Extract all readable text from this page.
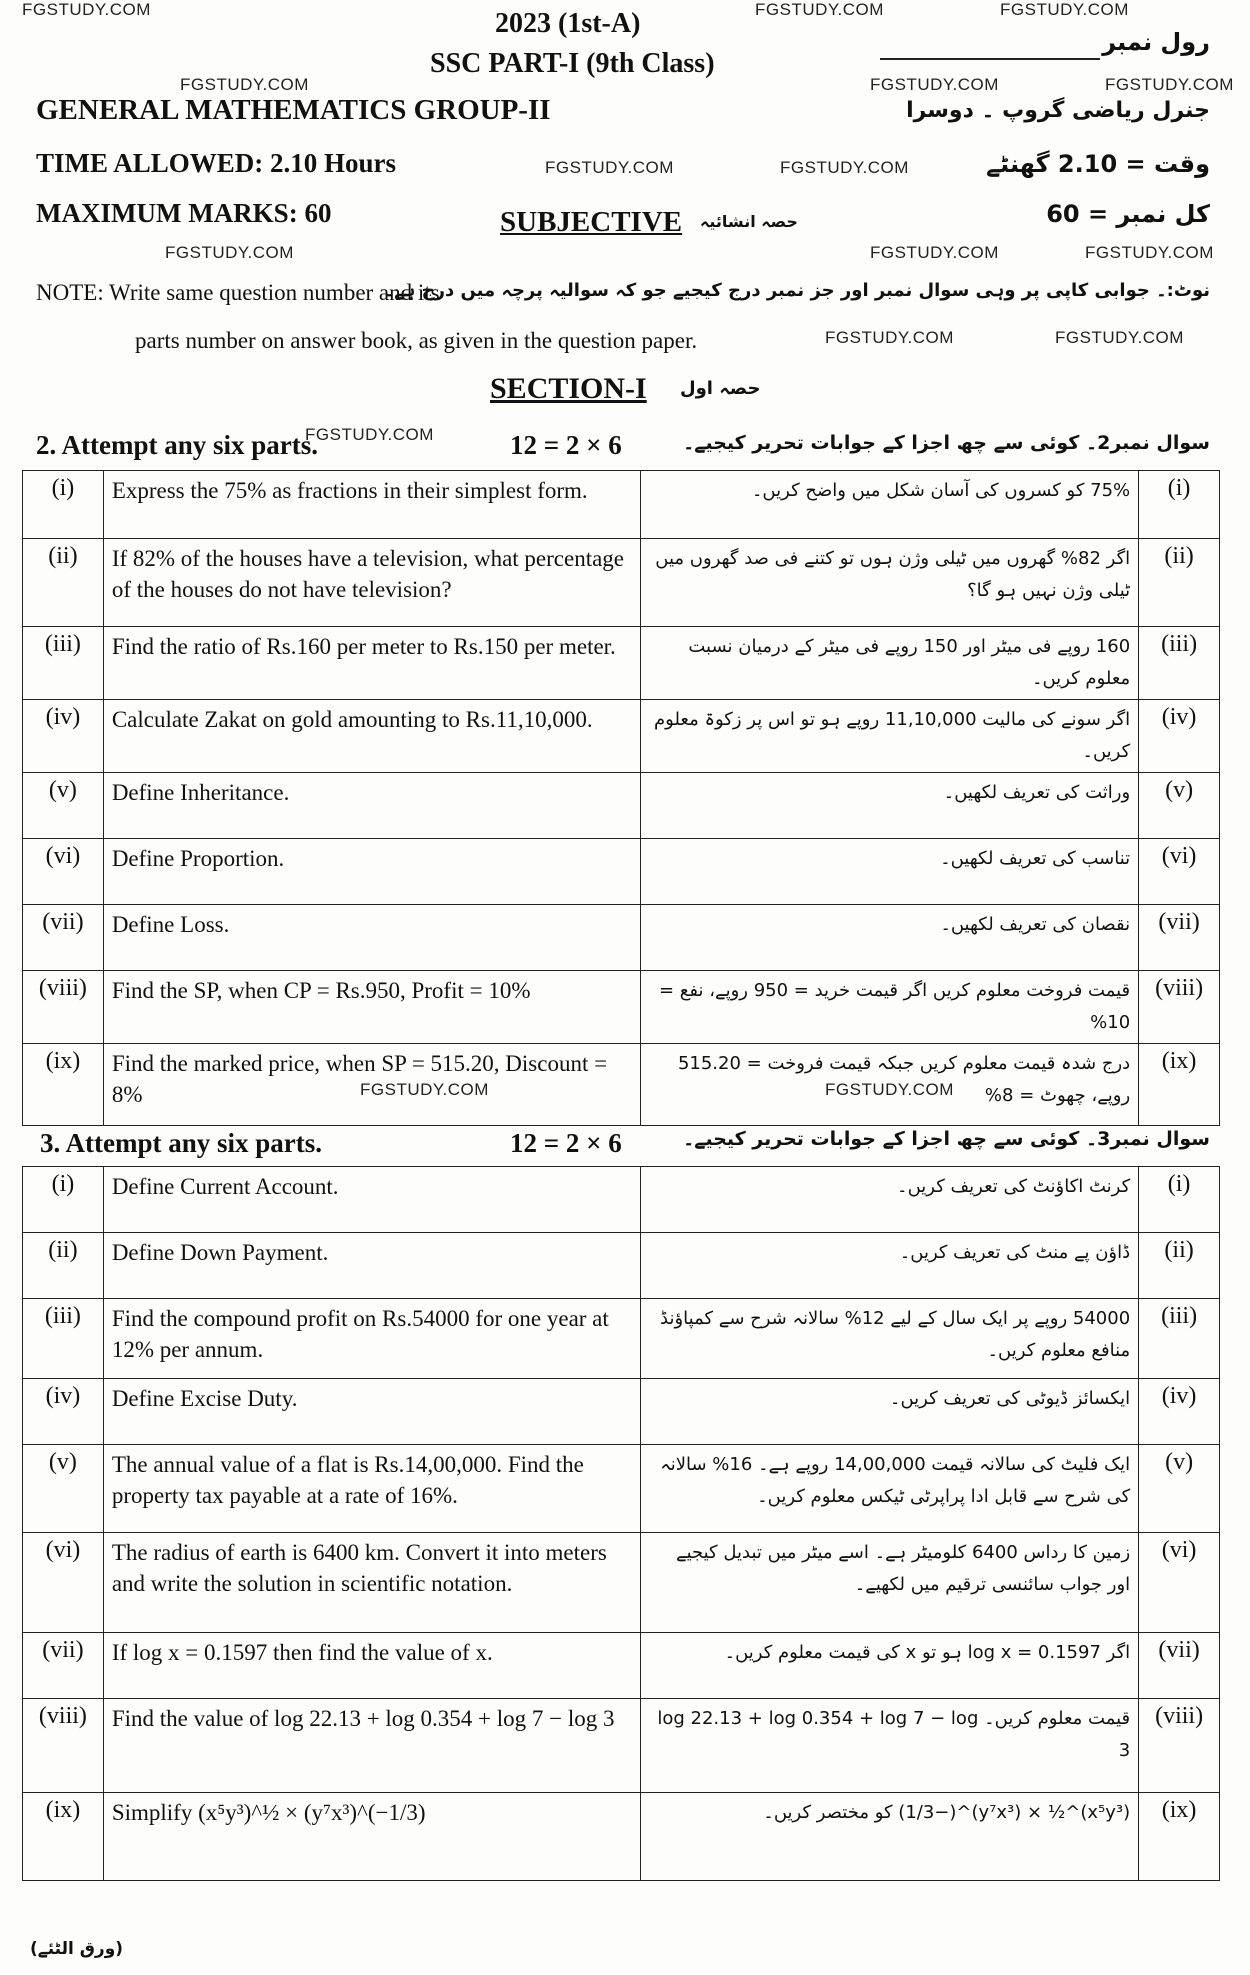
FGSTUDY.COM	FGSTUDY.COM	FGSTUDY.COM
FGSTUDY.COM	FGSTUDY.COM	FGSTUDY.COM
FGSTUDY.COM	FGSTUDY.COM
FGSTUDY.COM	FGSTUDY.COM	FGSTUDY.COM
FGSTUDY.COM	FGSTUDY.COM
FGSTUDY.COM
FGSTUDY.COM	FGSTUDY.COM
2023 (1st-A)
SSC PART-I (9th Class)
GENERAL MATHEMATICS GROUP-II
TIME ALLOWED: 2.10 Hours
MAXIMUM MARKS: 60	SUBJECTIVE حصہ انشائیہ
رول نمبر
جنرل ریاضی گروپ ۔ دوسرا
وقت = 2.10 گھنٹے
کل نمبر = 60
NOTE: Write same question number and its
parts number on answer book, as given in the question paper.
نوٹ:۔ جوابی کاپی پر وہی سوال نمبر اور جز نمبر درج کیجیے جو کہ سوالیہ پرچہ میں درج ہے۔
SECTION-I حصہ اول
2. Attempt any six parts.	12 = 2 × 6	سوال نمبر2۔ کوئی سے چھ اجزا کے جوابات تحریر کیجیے۔
(i)	Express the 75% as fractions in their simplest form.	75% کو کسروں کی آسان شکل میں واضح کریں۔	(i)
(ii)	If 82% of the houses have a television, what percentage of the houses do not have television?	اگر 82% گھروں میں ٹیلی وژن ہوں تو کتنے فی صد گھروں میں ٹیلی وژن نہیں ہو گا؟	(ii)
(iii)	Find the ratio of Rs.160 per meter to Rs.150 per meter.	160 روپے فی میٹر اور 150 روپے فی میٹر کے درمیان نسبت معلوم کریں۔	(iii)
(iv)	Calculate Zakat on gold amounting to Rs.11,10,000.	اگر سونے کی مالیت 11,10,000 روپے ہو تو اس پر زکوۃ معلوم کریں۔	(iv)
(v)	Define Inheritance.	وراثت کی تعریف لکھیں۔	(v)
(vi)	Define Proportion.	تناسب کی تعریف لکھیں۔	(vi)
(vii)	Define Loss.	نقصان کی تعریف لکھیں۔	(vii)
(viii)	Find the SP, when CP = Rs.950, Profit = 10%	قیمت فروخت معلوم کریں اگر قیمت خرید = 950 روپے، نفع = 10%	(viii)
(ix)	Find the marked price, when SP = 515.20, Discount = 8%	درج شدہ قیمت معلوم کریں جبکہ قیمت فروخت = 515.20 روپے، چھوٹ = 8%	(ix)
3. Attempt any six parts.	12 = 2 × 6	سوال نمبر3۔ کوئی سے چھ اجزا کے جوابات تحریر کیجیے۔
(i)	Define Current Account.	کرنٹ اکاؤنٹ کی تعریف کریں۔	(i)
(ii)	Define Down Payment.	ڈاؤن پے منٹ کی تعریف کریں۔	(ii)
(iii)	Find the compound profit on Rs.54000 for one year at 12% per annum.	54000 روپے پر ایک سال کے لیے 12% سالانہ شرح سے کمپاؤنڈ منافع معلوم کریں۔	(iii)
(iv)	Define Excise Duty.	ایکسائز ڈیوٹی کی تعریف کریں۔	(iv)
(v)	The annual value of a flat is Rs.14,00,000. Find the property tax payable at a rate of 16%.	ایک فلیٹ کی سالانہ قیمت 14,00,000 روپے ہے۔ 16% سالانہ کی شرح سے قابل ادا پراپرٹی ٹیکس معلوم کریں۔	(v)
(vi)	The radius of earth is 6400 km. Convert it into meters and write the solution in scientific notation.	زمین کا رداس 6400 کلومیٹر ہے۔ اسے میٹر میں تبدیل کیجیے اور جواب سائنسی ترقیم میں لکھیے۔	(vi)
(vii)	If log x = 0.1597 then find the value of x.	اگر log x = 0.1597 ہو تو x کی قیمت معلوم کریں۔	(vii)
(viii)	Find the value of log 22.13 + log 0.354 + log 7 − log 3	قیمت معلوم کریں۔ log 22.13 + log 0.354 + log 7 − log 3	(viii)
(ix)	Simplify (x⁵y³)^½ × (y⁷x³)^(−1/3)	(x⁵y³)^½ × (y⁷x³)^(−1/3) کو مختصر کریں۔	(ix)
(ورق الٹئے)
